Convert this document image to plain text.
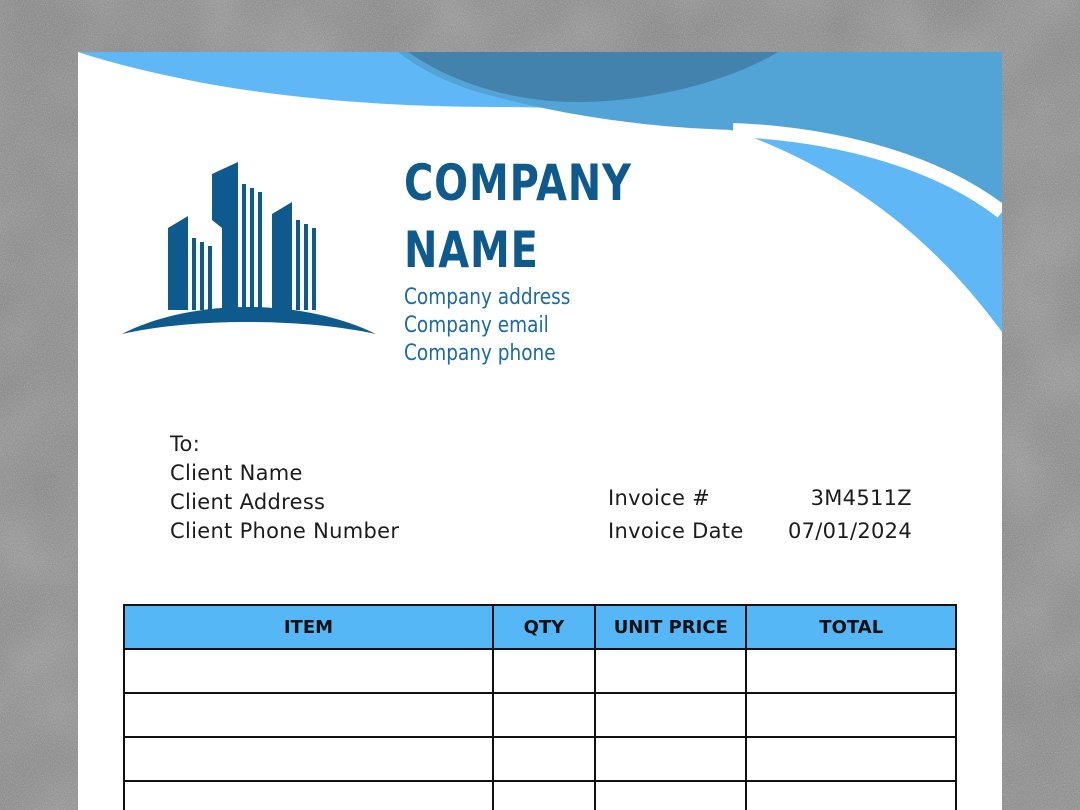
COMPANY
NAME
Company address
Company email
Company phone
To:
Client Name
Client Address
Client Phone Number
Invoice #	3M4511Z
Invoice Date 07/01/2024
ITEM	QTY	UNIT PRICE	TOTAL
